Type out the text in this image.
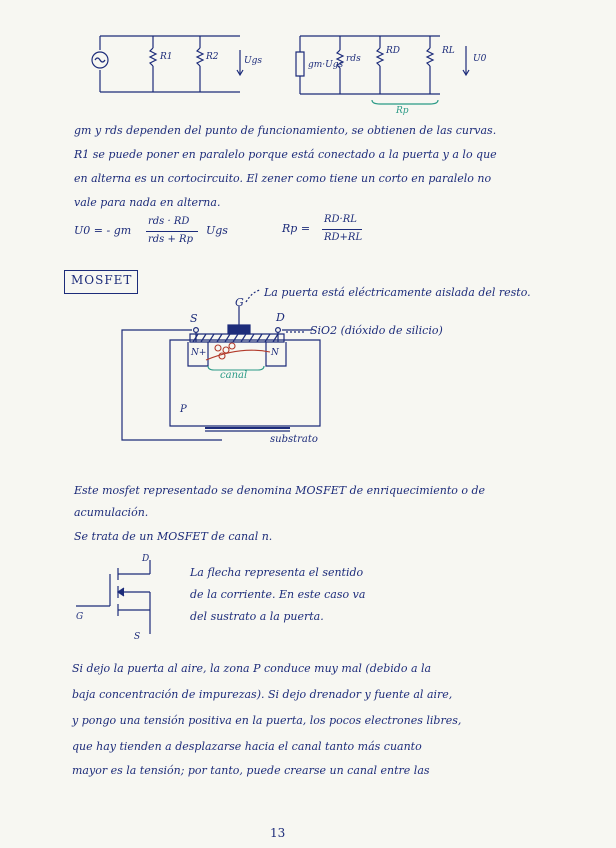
R1	R2	Ugs	gm·Ugs
rds
RD	RL
U0
Rp
gm y rds dependen del punto de funcionamiento, se obtienen de las curvas.
R1 se puede poner en paralelo porque está conectado a la puerta y a lo que
en alterna es un cortocircuito. El zener como tiene un corto en paralelo no
vale para nada en alterna.
U0 = - gm
rds · RD
rds + Rp
Ugs	Rp =
RD·RL
RD+RL
MOSFET
La puerta está eléctricamente aislada del resto.
G
S	D
SiO2 (dióxido de silicio)
N+	N
canal
P
substrato
Este mosfet representado se denomina MOSFET de enriquecimiento o de
acumulación.
Se trata de un MOSFET de canal n.
D
G
S
La flecha representa el sentido
de la corriente. En este caso va
del sustrato a la puerta.
Si dejo la puerta al aire, la zona P conduce muy mal (debido a la
baja concentración de impurezas). Si dejo drenador y fuente al aire,
y pongo una tensión positiva en la puerta, los pocos electrones libres,
que hay tienden a desplazarse hacia el canal tanto más cuanto
mayor es la tensión; por tanto, puede crearse un canal entre las
13
